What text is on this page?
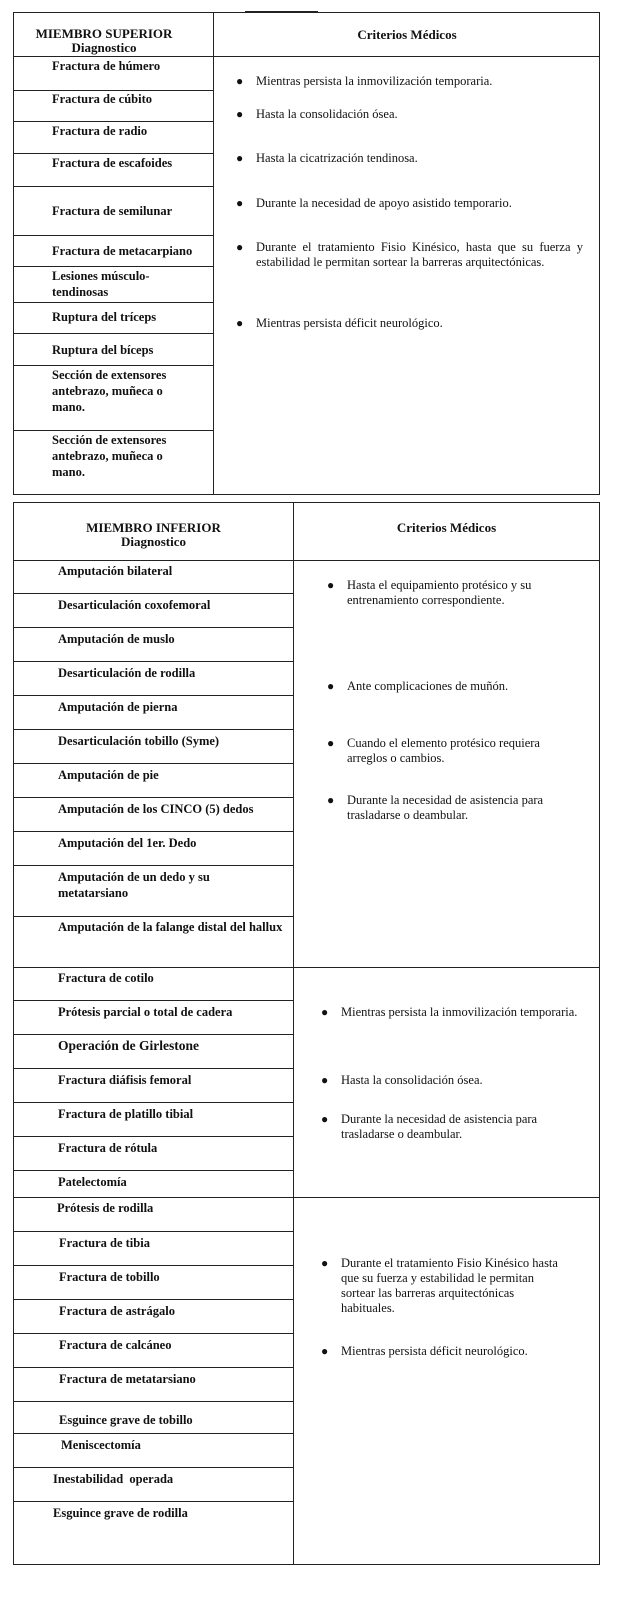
MIEMBRO SUPERIOR
Diagnostico
Criterios Médicos
Fractura de húmero
Fractura de cúbito
Fractura de radio
Fractura de escafoides
Fractura de semilunar
Fractura de metacarpiano
Lesiones músculo-tendinosas
Ruptura del tríceps
Ruptura del bíceps
Sección de extensores antebrazo, muñeca o mano.
Sección de extensores antebrazo, muñeca o mano.
● Mientras persista la inmovilización temporaria.
● Hasta la consolidación ósea.
● Hasta la cicatrización tendinosa.
● Durante la necesidad de apoyo asistido temporario.
● Durante el tratamiento Fisio Kinésico, hasta que su fuerza y estabilidad le permitan sortear la barreras arquitectónicas.
● Mientras persista déficit neurológico.
MIEMBRO INFERIOR
Diagnostico
Criterios Médicos
Amputación bilateral
Desarticulación coxofemoral
Amputación de muslo
Desarticulación de rodilla
Amputación de pierna
Desarticulación tobillo (Syme)
Amputación de pie
Amputación de los CINCO (5) dedos
Amputación del 1er. Dedo
Amputación de un dedo y su metatarsiano
Amputación de la falange distal del hallux
● Hasta el equipamiento protésico y su entrenamiento correspondiente.
● Ante complicaciones de muñón.
● Cuando el elemento protésico requiera arreglos o cambios.
● Durante la necesidad de asistencia para trasladarse o deambular.
Fractura de cotilo
Prótesis parcial o total de cadera
Operación de Girlestone
Fractura diáfisis femoral
Fractura de platillo tibial
Fractura de rótula
Patelectomía
● Mientras persista la inmovilización temporaria.
● Hasta la consolidación ósea.
● Durante la necesidad de asistencia para trasladarse o deambular.
Prótesis de rodilla
Fractura de tibia
Fractura de tobillo
Fractura de astrágalo
Fractura de calcáneo
Fractura de metatarsiano
Esguince grave de tobillo
Meniscectomía
Inestabilidad  operada
Esguince grave de rodilla
● Durante el tratamiento Fisio Kinésico hasta que su fuerza y estabilidad le permitan sortear las barreras arquitectónicas habituales.
● Mientras persista déficit neurológico.
